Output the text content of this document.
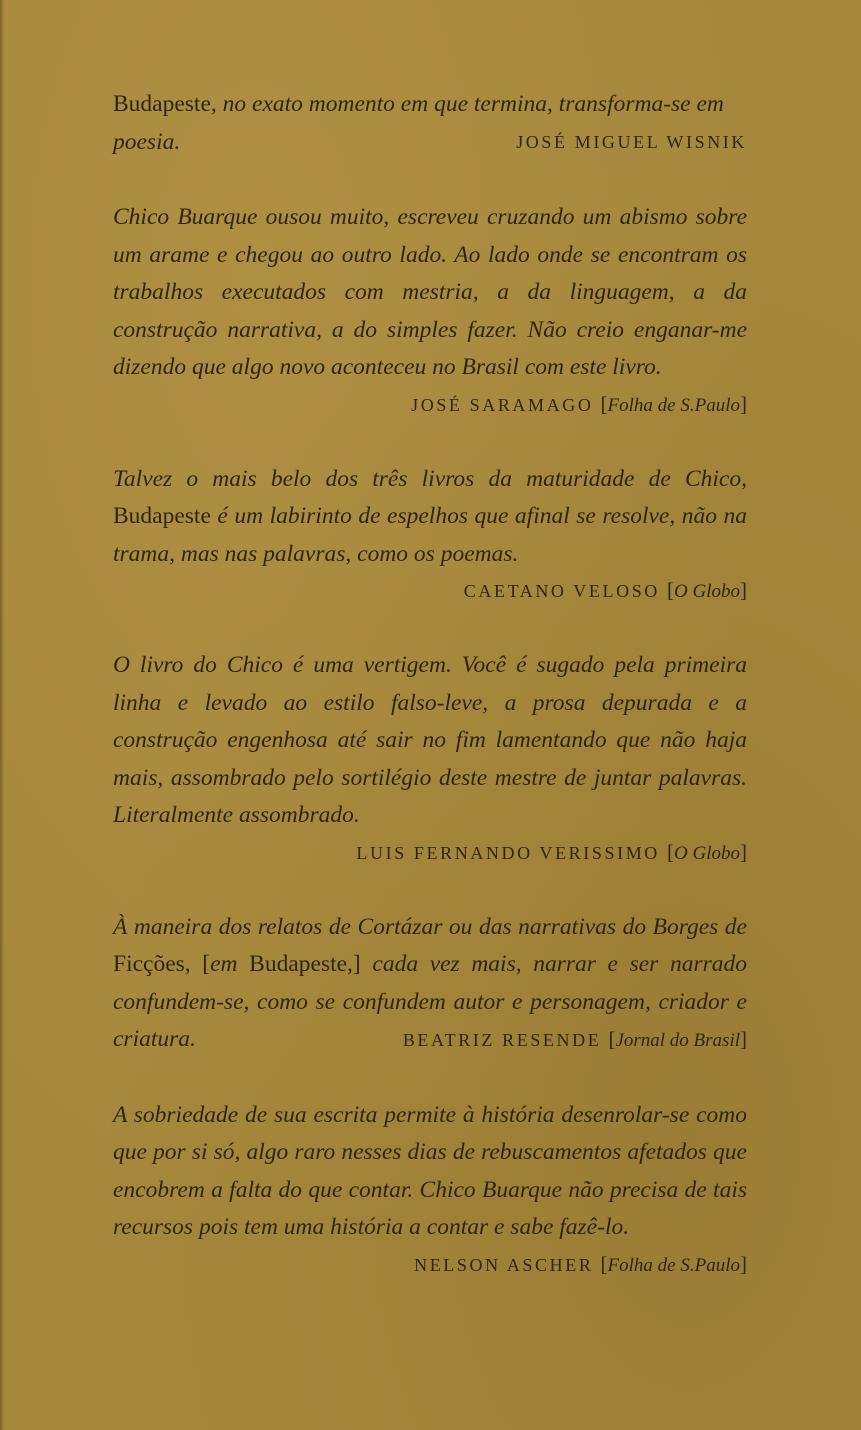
Budapeste, no exato momento em que termina, transforma-se em poesia.	JOSÉ MIGUEL WISNIK

Chico Buarque ousou muito, escreveu cruzando um abismo sobre um arame e chegou ao outro lado. Ao lado onde se encontram os trabalhos executados com mestria, a da linguagem, a da construção narrativa, a do simples fazer. Não creio enganar-me dizendo que algo novo aconteceu no Brasil com este livro.

JOSÉ SARAMAGO [Folha de S.Paulo]

Talvez o mais belo dos três livros da maturidade de Chico, Budapeste é um labirinto de espelhos que afinal se resolve, não na trama, mas nas palavras, como os poemas.

CAETANO VELOSO [O Globo]

O livro do Chico é uma vertigem. Você é sugado pela primeira linha e levado ao estilo falso-leve, a prosa depurada e a construção engenhosa até sair no fim lamentando que não haja mais, assombrado pelo sortilégio deste mestre de juntar palavras. Literalmente assombrado.

LUIS FERNANDO VERISSIMO [O Globo]

À maneira dos relatos de Cortázar ou das narrativas do Borges de Ficções, [em Budapeste,] cada vez mais, narrar e ser narrado confundem-se, como se confundem autor e personagem, criador e criatura.	BEATRIZ RESENDE [Jornal do Brasil]

A sobriedade de sua escrita permite à história desenrolar-se como que por si só, algo raro nesses dias de rebuscamentos afetados que encobrem a falta do que contar. Chico Buarque não precisa de tais recursos pois tem uma história a contar e sabe fazê-lo.

NELSON ASCHER [Folha de S.Paulo]
